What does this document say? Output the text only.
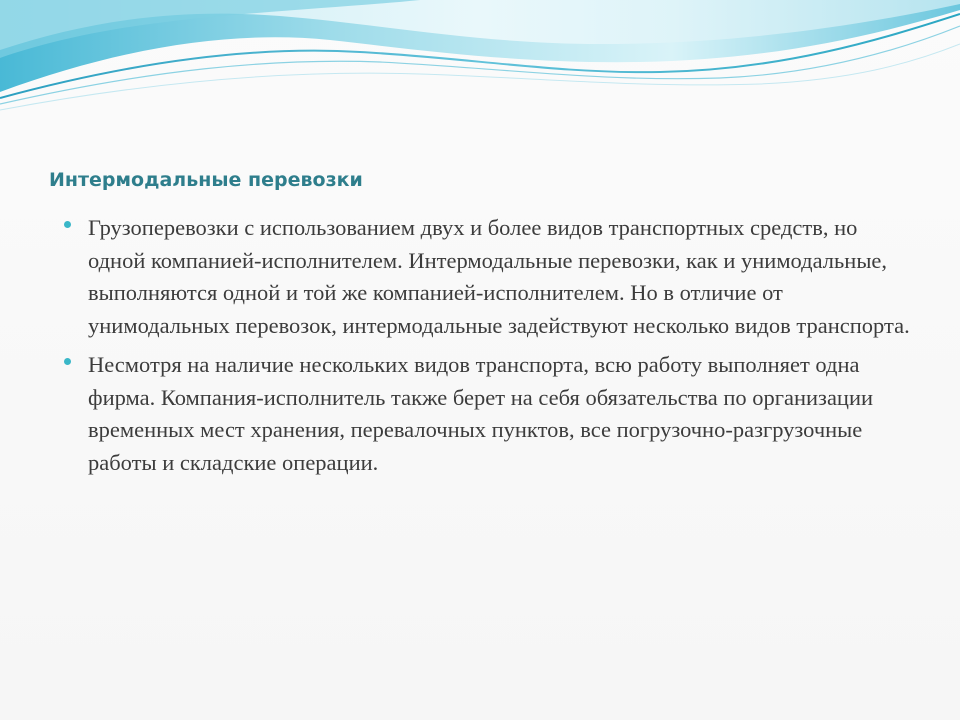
Интермодальные перевозки
Грузоперевозки с использованием двух и более видов транспортных средств, но одной компанией-исполнителем. Интермодальные перевозки, как и унимодальные, выполняются одной и той же компанией-исполнителем. Но в отличие от унимодальных перевозок, интермодальные задействуют несколько видов транспорта.
Несмотря на наличие нескольких видов транспорта, всю работу выполняет одна фирма. Компания-исполнитель также берет на себя обязательства по организации временных мест хранения, перевалочных пунктов, все погрузочно-разгрузочные работы и складские операции.
